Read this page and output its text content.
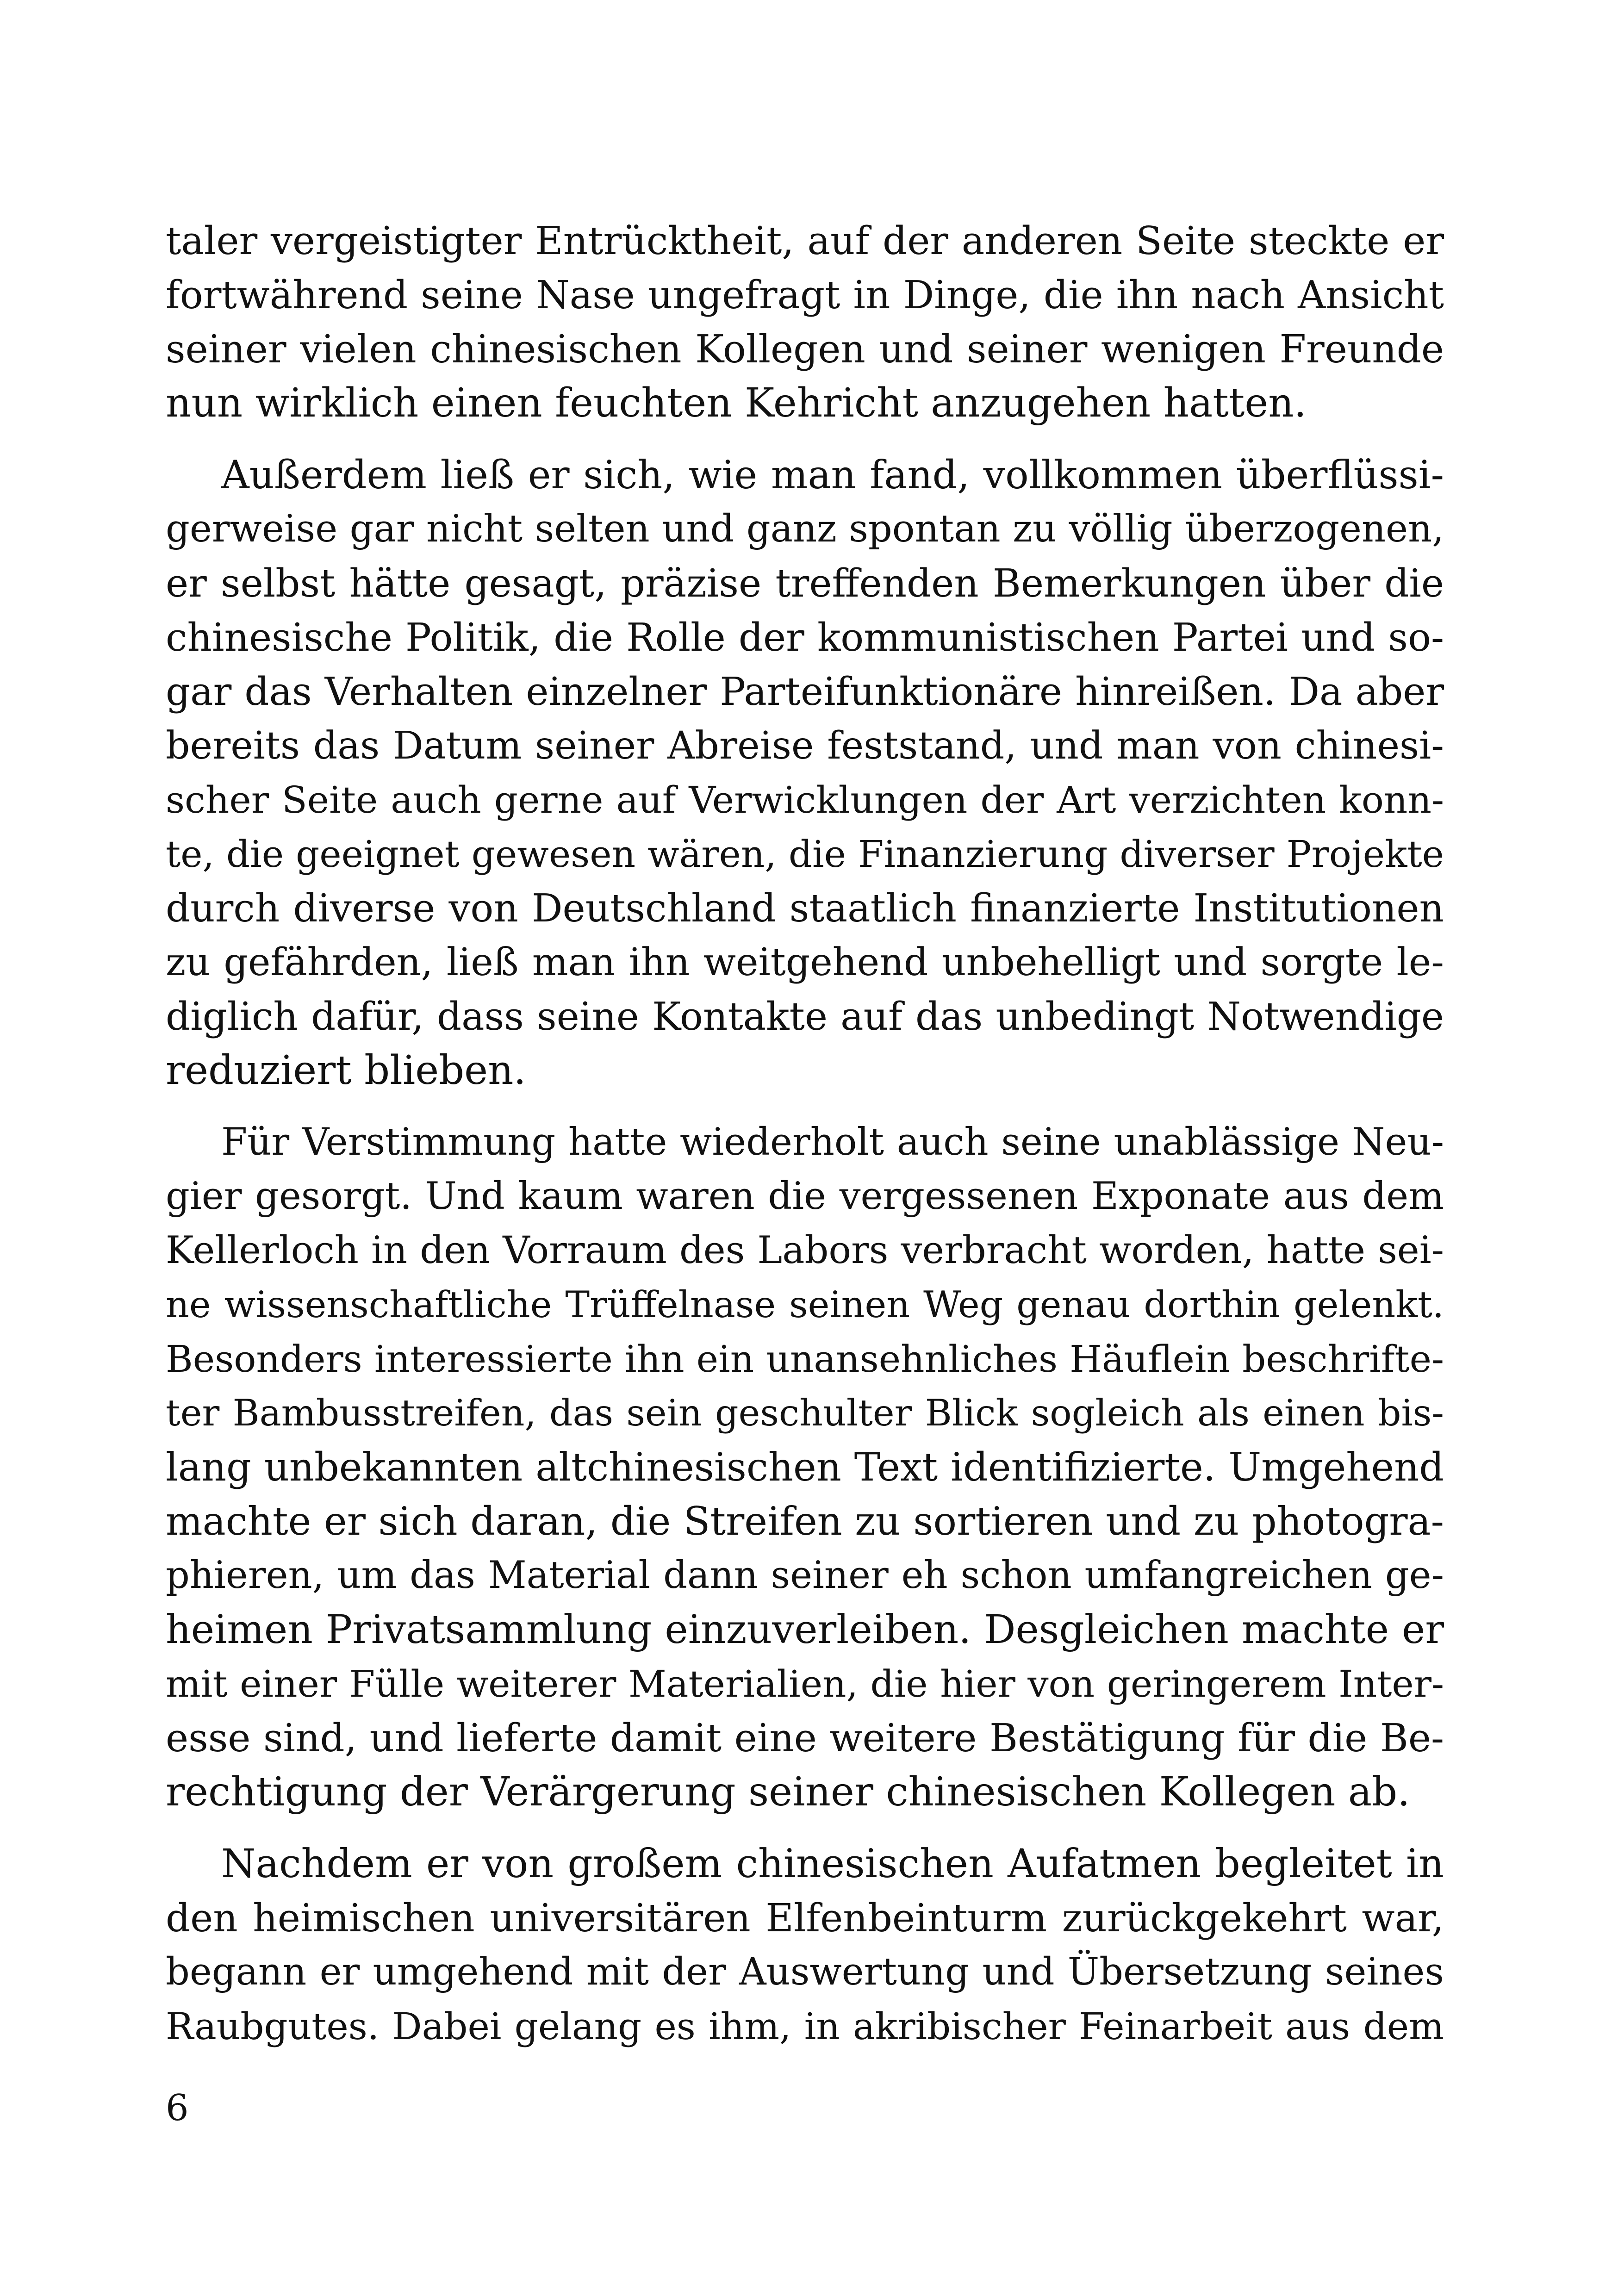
taler vergeistigter Entrücktheit, auf der anderen Seite steckte er
fortwährend seine Nase ungefragt in Dinge, die ihn nach Ansicht
seiner vielen chinesischen Kollegen und seiner wenigen Freunde
nun wirklich einen feuchten Kehricht anzugehen hatten.
Außerdem ließ er sich, wie man fand, vollkommen überflüssi-
gerweise gar nicht selten und ganz spontan zu völlig überzogenen,
er selbst hätte gesagt, präzise treffenden Bemerkungen über die
chinesische Politik, die Rolle der kommunistischen Partei und so-
gar das Verhalten einzelner Parteifunktionäre hinreißen. Da aber
bereits das Datum seiner Abreise feststand, und man von chinesi-
scher Seite auch gerne auf Verwicklungen der Art verzichten konn-
te, die geeignet gewesen wären, die Finanzierung diverser Projekte
durch diverse von Deutschland staatlich finanzierte Institutionen
zu gefährden, ließ man ihn weitgehend unbehelligt und sorgte le-
diglich dafür, dass seine Kontakte auf das unbedingt Notwendige
reduziert blieben.
Für Verstimmung hatte wiederholt auch seine unablässige Neu-
gier gesorgt. Und kaum waren die vergessenen Exponate aus dem
Kellerloch in den Vorraum des Labors verbracht worden, hatte sei-
ne wissenschaftliche Trüffelnase seinen Weg genau dorthin gelenkt.
Besonders interessierte ihn ein unansehnliches Häuflein beschrifte-
ter Bambusstreifen, das sein geschulter Blick sogleich als einen bis-
lang unbekannten altchinesischen Text identifizierte. Umgehend
machte er sich daran, die Streifen zu sortieren und zu photogra-
phieren, um das Material dann seiner eh schon umfangreichen ge-
heimen Privatsammlung einzuverleiben. Desgleichen machte er
mit einer Fülle weiterer Materialien, die hier von geringerem Inter-
esse sind, und lieferte damit eine weitere Bestätigung für die Be-
rechtigung der Verärgerung seiner chinesischen Kollegen ab.
Nachdem er von großem chinesischen Aufatmen begleitet in
den heimischen universitären Elfenbeinturm zurückgekehrt war,
begann er umgehend mit der Auswertung und Übersetzung seines
Raubgutes. Dabei gelang es ihm, in akribischer Feinarbeit aus dem
6
